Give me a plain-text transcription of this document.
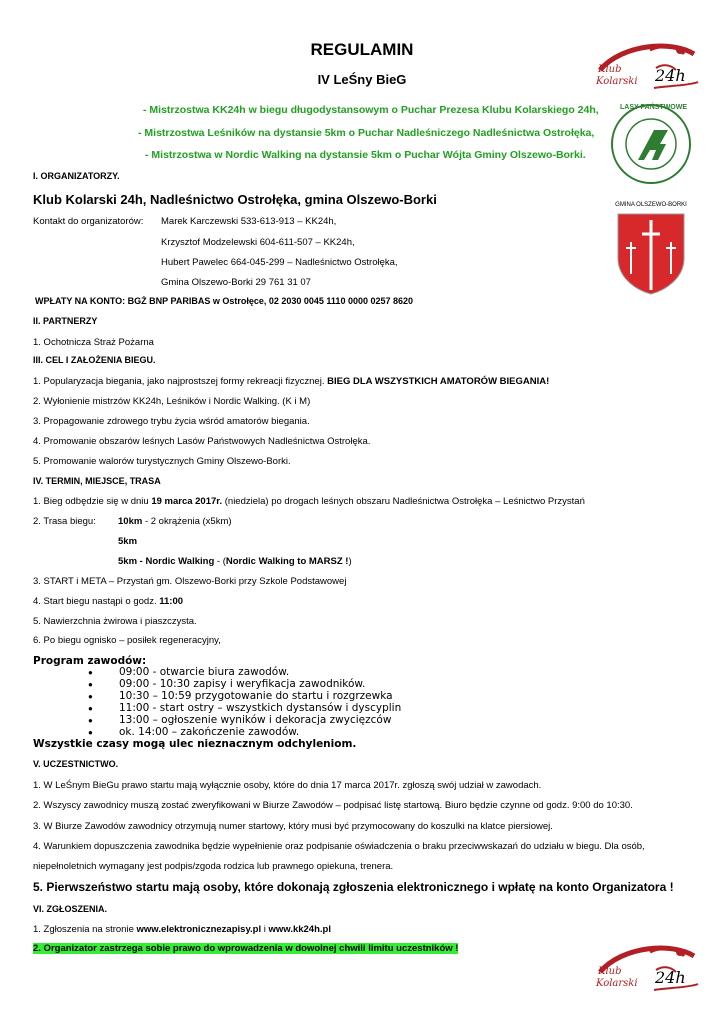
REGULAMIN
IV LeŚny BieG
- Mistrzostwa KK24h w biegu długodystansowym o Puchar Prezesa Klubu Kolarskiego 24h,
- Mistrzostwa Leśników na dystansie 5km o Puchar Nadleśniczego Nadleśnictwa Ostrołęka,
- Mistrzostwa w Nordic Walking na dystansie 5km o Puchar Wójta Gminy Olszewo-Borki.
Klub
Kolarski 24h
LASY PAŃSTWOWE
GMINA OLSZEWO-BORKI
I. ORGANIZATORZY.
Klub Kolarski 24h, Nadleśnictwo Ostrołęka, gmina Olszewo-Borki
Kontakt do organizatorów: Marek Karczewski 533-613-913 – KK24h,
Krzysztof Modzelewski 604-611-507 – KK24h,
Hubert Pawelec 664-045-299 – Nadleśnictwo Ostrołęka,
Gmina Olszewo-Borki 29 761 31 07
WPŁATY NA KONTO: BGŻ BNP PARIBAS w Ostrołęce, 02 2030 0045 1110 0000 0257 8620
II. PARTNERZY
1. Ochotnicza Straż Pożarna
III. CEL I ZAŁOŻENIA BIEGU.
1. Popularyzacja biegania, jako najprostszej formy rekreacji fizycznej. BIEG DLA WSZYSTKICH AMATORÓW BIEGANIA!
2. Wyłonienie mistrzów KK24h, Leśników i Nordic Walking. (K i M)
3. Propagowanie zdrowego trybu życia wśród amatorów biegania.
4. Promowanie obszarów leśnych Lasów Państwowych Nadleśnictwa Ostrołęka.
5. Promowanie walorów turystycznych Gminy Olszewo-Borki.
IV. TERMIN, MIEJSCE, TRASA
1. Bieg odbędzie się w dniu 19 marca 2017r. (niedziela) po drogach leśnych obszaru Nadleśnictwa Ostrołęka – Leśnictwo Przystań
2. Trasa biegu: 10km - 2 okrążenia (x5km)
5km
5km - Nordic Walking - (Nordic Walking to MARSZ !)
3. START i META – Przystań gm. Olszewo-Borki przy Szkole Podstawowej
4. Start biegu nastąpi o godz. 11:00
5. Nawierzchnia żwirowa i piaszczysta.
6. Po biegu ognisko – posiłek regeneracyjny,
Program zawodów:
● 09:00 - otwarcie biura zawodów.
● 09:00 - 10:30 zapisy i weryfikacja zawodników.
● 10:30 – 10:59 przygotowanie do startu i rozgrzewka
● 11:00 - start ostry – wszystkich dystansów i dyscyplin
● 13:00 – ogłoszenie wyników i dekoracja zwycięzców
● ok. 14:00 – zakończenie zawodów.
Wszystkie czasy mogą ulec nieznacznym odchyleniom.
V. UCZESTNICTWO.
1. W LeŚnym BieGu prawo startu mają wyłącznie osoby, które do dnia 17 marca 2017r. zgłoszą swój udział w zawodach.
2. Wszyscy zawodnicy muszą zostać zweryfikowani w Biurze Zawodów – podpisać listę startową. Biuro będzie czynne od godz. 9:00 do 10:30.
3. W Biurze Zawodów zawodnicy otrzymują numer startowy, który musi być przymocowany do koszulki na klatce piersiowej.
4. Warunkiem dopuszczenia zawodnika będzie wypełnienie oraz podpisanie oświadczenia o braku przeciwwskazań do udziału w biegu. Dla osób,
niepełnoletnich wymagany jest podpis/zgoda rodzica lub prawnego opiekuna, trenera.
5. Pierwszeństwo startu mają osoby, które dokonają zgłoszenia elektronicznego i wpłatę na konto Organizatora !
VI. ZGŁOSZENIA.
1. Zgłoszenia na stronie www.elektronicznezapisy.pl i www.kk24h.pl
2. Organizator zastrzega sobie prawo do wprowadzenia w dowolnej chwili limitu uczestników !
Klub
Kolarski 24h
